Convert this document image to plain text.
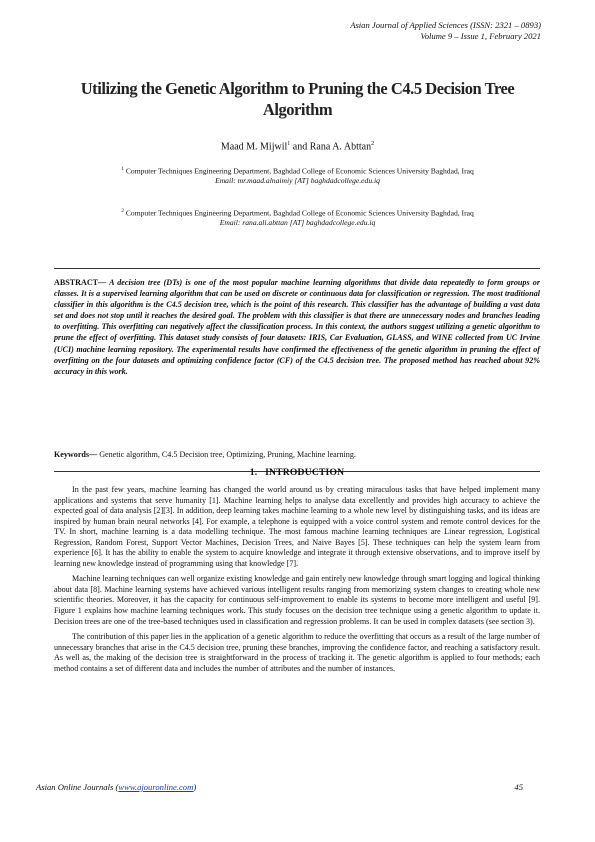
Asian Journal of Applied Sciences (ISSN: 2321 – 0893)
Volume 9 – Issue 1, February 2021
Utilizing the Genetic Algorithm to Pruning the C4.5 Decision Tree Algorithm
Maad M. Mijwil$^1$ and Rana A. Abttan$^2$
$^1$ Computer Techniques Engineering Department, Baghdad College of Economic Sciences University Baghdad, Iraq
Email: mr.maad.alnaimiy [AT] baghdadcollege.edu.iq
$^2$ Computer Techniques Engineering Department, Baghdad College of Economic Sciences University Baghdad, Iraq
Email: rana.ali.abttan [AT] baghdadcollege.edu.iq
ABSTRACT— A decision tree (DTs) is one of the most popular machine learning algorithms that divide data repeatedly to form groups or classes. It is a supervised learning algorithm that can be used on discrete or continuous data for classification or regression. The most traditional classifier in this algorithm is the C4.5 decision tree, which is the point of this research. This classifier has the advantage of building a vast data set and does not stop until it reaches the desired goal. The problem with this classifier is that there are unnecessary nodes and branches leading to overfitting. This overfitting can negatively affect the classification process. In this context, the authors suggest utilizing a genetic algorithm to prune the effect of overfitting. This dataset study consists of four datasets: IRIS, Car Evaluation, GLASS, and WINE collected from UC Irvine (UCI) machine learning repository. The experimental results have confirmed the effectiveness of the genetic algorithm in pruning the effect of overfitting on the four datasets and optimizing confidence factor (CF) of the C4.5 decision tree. The proposed method has reached about 92% accuracy in this work.
Keywords— Genetic algorithm, C4.5 Decision tree, Optimizing, Pruning, Machine learning.
1. INTRODUCTION

In the past few years, machine learning has changed the world around us by creating miraculous tasks that have helped implement many applications and systems that serve humanity [1]. Machine learning helps to analyse data excellently and provides high accuracy to achieve the expected goal of data analysis [2][3]. In addition, deep learning takes machine learning to a whole new level by distinguishing tasks, and its ideas are inspired by human brain neural networks [4]. For example, a telephone is equipped with a voice control system and remote control devices for the TV. In short, machine learning is a data modelling technique. The most famous machine learning techniques are Linear regression, Logistical Regression, Random Forest, Support Vector Machines, Decision Trees, and Naive Bayes [5]. These techniques can help the system learn from experience [6]. It has the ability to enable the system to acquire knowledge and integrate it through extensive observations, and to improve itself by learning new knowledge instead of programming using that knowledge [7].

Machine learning techniques can well organize existing knowledge and gain entirely new knowledge through smart logging and logical thinking about data [8]. Machine learning systems have achieved various intelligent results ranging from memorizing system changes to creating whole new scientific theories. Moreover, it has the capacity for continuous self-improvement to enable its systems to become more intelligent and useful [9]. Figure 1 explains how machine learning techniques work. This study focuses on the decision tree technique using a genetic algorithm to update it. Decision trees are one of the tree-based techniques used in classification and regression problems. It can be used in complex datasets (see section 3).

The contribution of this paper lies in the application of a genetic algorithm to reduce the overfitting that occurs as a result of the large number of unnecessary branches that arise in the C4.5 decision tree, pruning these branches, improving the confidence factor, and reaching a satisfactory result. As well as, the making of the decision tree is straightforward in the process of tracking it. The genetic algorithm is applied to four methods; each method contains a set of different data and includes the number of attributes and the number of instances.

Asian Online Journals (www.ajouronline.com)	45
